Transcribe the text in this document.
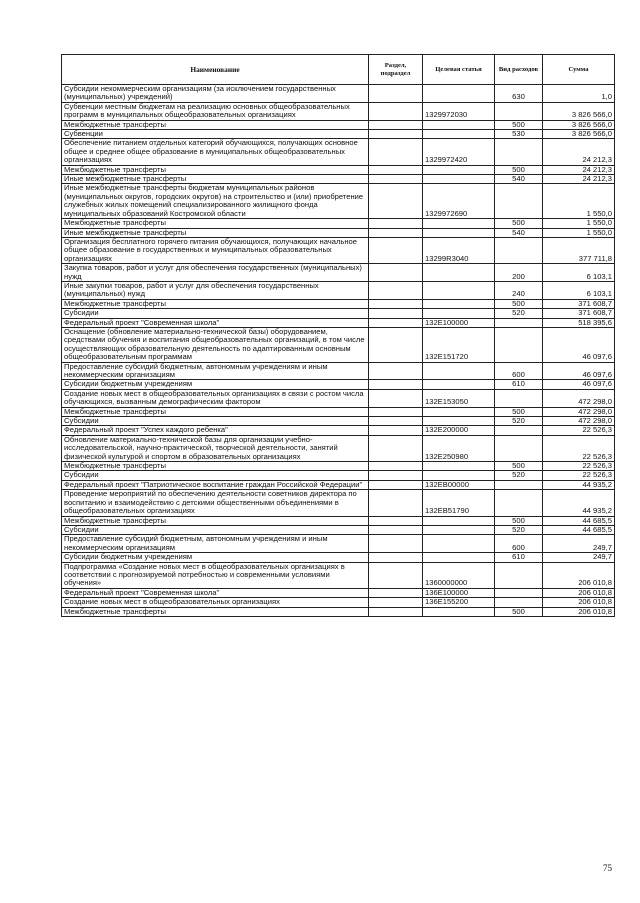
Наименование	Раздел, подраздел	Целевая статья	Вид расходов	Сумма
Субсидии некоммерческим организациям (за исключением государственных (муниципальных) учреждений)			630	1,0
Субвенции местным бюджетам на реализацию основных общеобразовательных программ в муниципальных общеобразовательных организациях		1329972030		3 826 566,0
Межбюджетные трансферты			500	3 826 566,0
Субвенции			530	3 826 566,0
Обеспечение питанием отдельных категорий обучающихся, получающих основное общее и среднее общее образование в муниципальных общеобразовательных организациях		1329972420		24 212,3
Межбюджетные трансферты			500	24 212,3
Иные межбюджетные трансферты			540	24 212,3
Иные межбюджетные трансферты бюджетам муниципальных районов (муниципальных округов, городских округов) на строительство и (или) приобретение служебных жилых помещений специализированного жилищного фонда муниципальных образований Костромской области		1329972690		1 550,0
Межбюджетные трансферты			500	1 550,0
Иные межбюджетные трансферты			540	1 550,0
Организация бесплатного горячего питания обучающихся, получающих начальное общее образование в государственных и муниципальных образовательных организациях		13299R3040		377 711,8
Закупка товаров, работ и услуг для обеспечения государственных (муниципальных) нужд			200	6 103,1
Иные закупки товаров, работ и услуг для обеспечения государственных (муниципальных) нужд			240	6 103,1
Межбюджетные трансферты			500	371 608,7
Субсидии			520	371 608,7
Федеральный проект "Современная школа"		132Е100000		518 395,6
Оснащение (обновление материально-технической базы) оборудованием, средствами обучения и воспитания общеобразовательных организаций, в том числе осуществляющих образовательную деятельность по адаптированным основным общеобразовательным программам		132Е151720		46 097,6
Предоставление субсидий бюджетным, автономным учреждениям и иным некоммерческим организациям			600	46 097,6
Субсидии бюджетным учреждениям			610	46 097,6
Создание новых мест в общеобразовательных организациях в связи с ростом числа обучающихся, вызванным демографическим фактором		132Е153050		472 298,0
Межбюджетные трансферты			500	472 298,0
Субсидии			520	472 298,0
Федеральный проект "Успех каждого ребенка"		132Е200000		22 526,3
Обновление материально-технической базы для организации учебно-исследовательской, научно-практической, творческой деятельности, занятий физической культурой и спортом в образовательных организациях		132Е250980		22 526,3
Межбюджетные трансферты			500	22 526,3
Субсидии			520	22 526,3
Федеральный проект "Патриотическое воспитание граждан Российской Федерации"		132ЕВ00000		44 935,2
Проведение мероприятий по обеспечению деятельности советников директора по воспитанию и взаимодействию с детскими общественными объединениями в общеобразовательных организациях		132ЕВ51790		44 935,2
Межбюджетные трансферты			500	44 685,5
Субсидии			520	44 685,5
Предоставление субсидий бюджетным, автономным учреждениям и иным некоммерческим организациям			600	249,7
Субсидии бюджетным учреждениям			610	249,7
Подпрограмма «Создание новых мест в общеобразовательных организациях в соответствии с прогнозируемой потребностью и современными условиями обучения»		1360000000		206 010,8
Федеральный проект "Современная школа"		136Е100000		206 010,8
Создание новых мест в общеобразовательных организациях		136Е155200		206 010,8
Межбюджетные трансферты			500	206 010,8
75
